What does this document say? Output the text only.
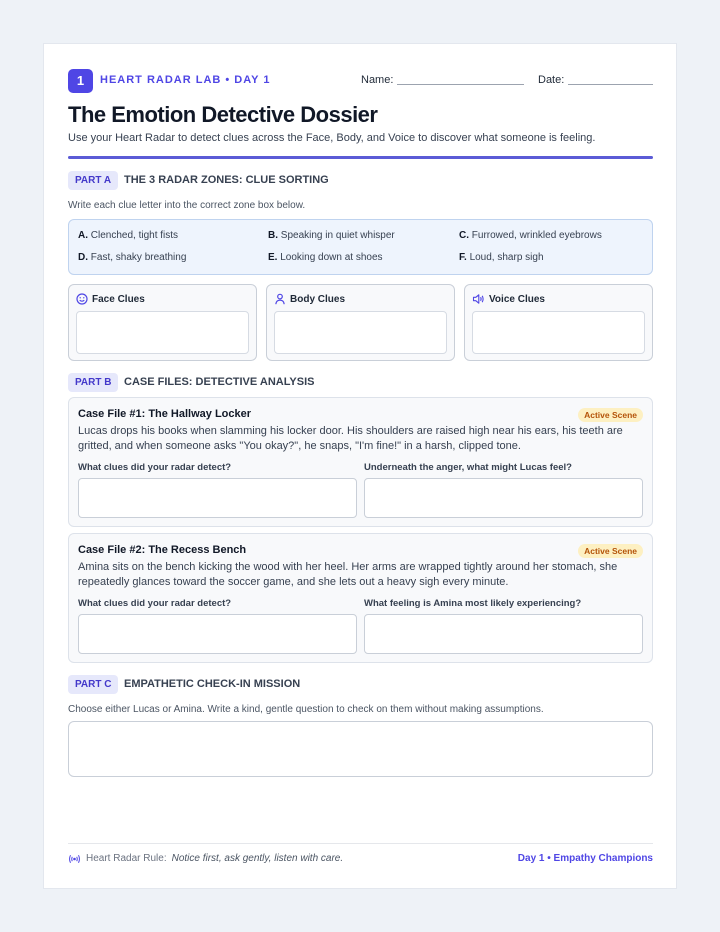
1	HEART RADAR LAB • DAY 1	Name:	Date:
The Emotion Detective Dossier
Use your Heart Radar to detect clues across the Face, Body, and Voice to discover what someone is feeling.
PART A	THE 3 RADAR ZONES: CLUE SORTING
Write each clue letter into the correct zone box below.
A. Clenched, tight fists	B. Speaking in quiet whisper	C. Furrowed, wrinkled eyebrows
D. Fast, shaky breathing	E. Looking down at shoes	F. Loud, sharp sigh
Face Clues	Body Clues	Voice Clues
PART B	CASE FILES: DETECTIVE ANALYSIS
Case File #1: The Hallway Locker	Active Scene
Lucas drops his books when slamming his locker door. His shoulders are raised high near his ears, his teeth are gritted, and when someone asks "You okay?", he snaps, "I'm fine!" in a harsh, clipped tone.
What clues did your radar detect?	Underneath the anger, what might Lucas feel?
Case File #2: The Recess Bench	Active Scene
Amina sits on the bench kicking the wood with her heel. Her arms are wrapped tightly around her stomach, she repeatedly glances toward the soccer game, and she lets out a heavy sigh every minute.
What clues did your radar detect?	What feeling is Amina most likely experiencing?
PART C	EMPATHETIC CHECK-IN MISSION
Choose either Lucas or Amina. Write a kind, gentle question to check on them without making assumptions.
Heart Radar Rule: Notice first, ask gently, listen with care.	Day 1 • Empathy Champions
